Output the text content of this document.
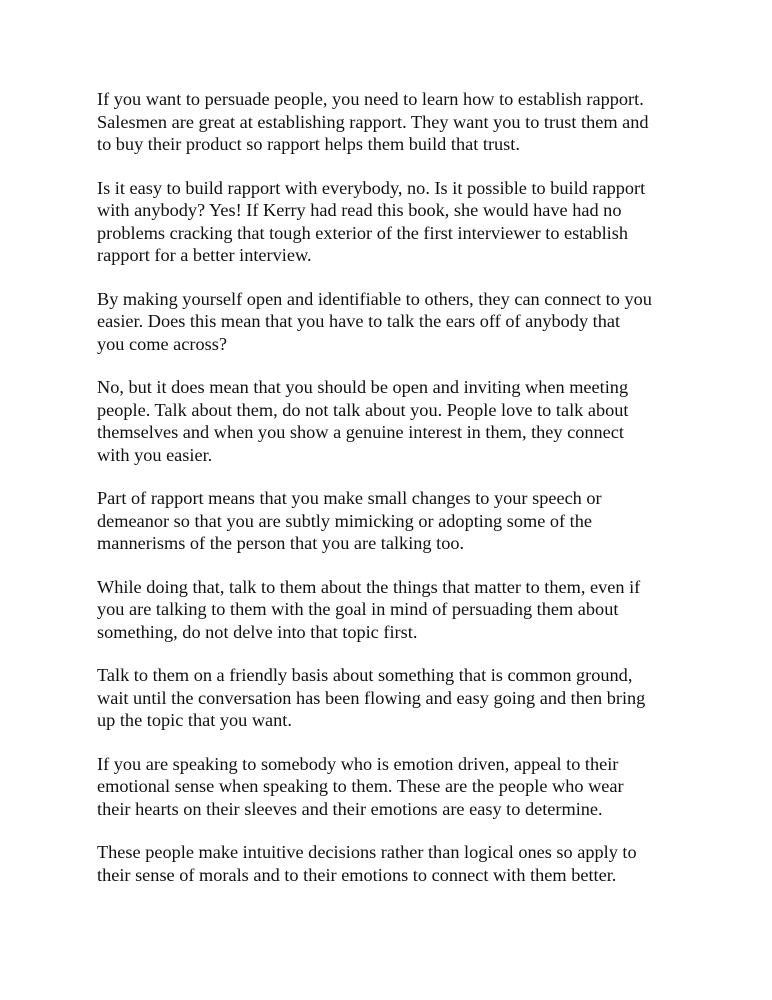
If you want to persuade people, you need to learn how to establish rapport.
Salesmen are great at establishing rapport. They want you to trust them and
to buy their product so rapport helps them build that trust.

Is it easy to build rapport with everybody, no. Is it possible to build rapport
with anybody? Yes! If Kerry had read this book, she would have had no
problems cracking that tough exterior of the first interviewer to establish
rapport for a better interview.

By making yourself open and identifiable to others, they can connect to you
easier. Does this mean that you have to talk the ears off of anybody that
you come across?

No, but it does mean that you should be open and inviting when meeting
people. Talk about them, do not talk about you. People love to talk about
themselves and when you show a genuine interest in them, they connect
with you easier.

Part of rapport means that you make small changes to your speech or
demeanor so that you are subtly mimicking or adopting some of the
mannerisms of the person that you are talking too.

While doing that, talk to them about the things that matter to them, even if
you are talking to them with the goal in mind of persuading them about
something, do not delve into that topic first.

Talk to them on a friendly basis about something that is common ground,
wait until the conversation has been flowing and easy going and then bring
up the topic that you want.

If you are speaking to somebody who is emotion driven, appeal to their
emotional sense when speaking to them. These are the people who wear
their hearts on their sleeves and their emotions are easy to determine.

These people make intuitive decisions rather than logical ones so apply to
their sense of morals and to their emotions to connect with them better.
